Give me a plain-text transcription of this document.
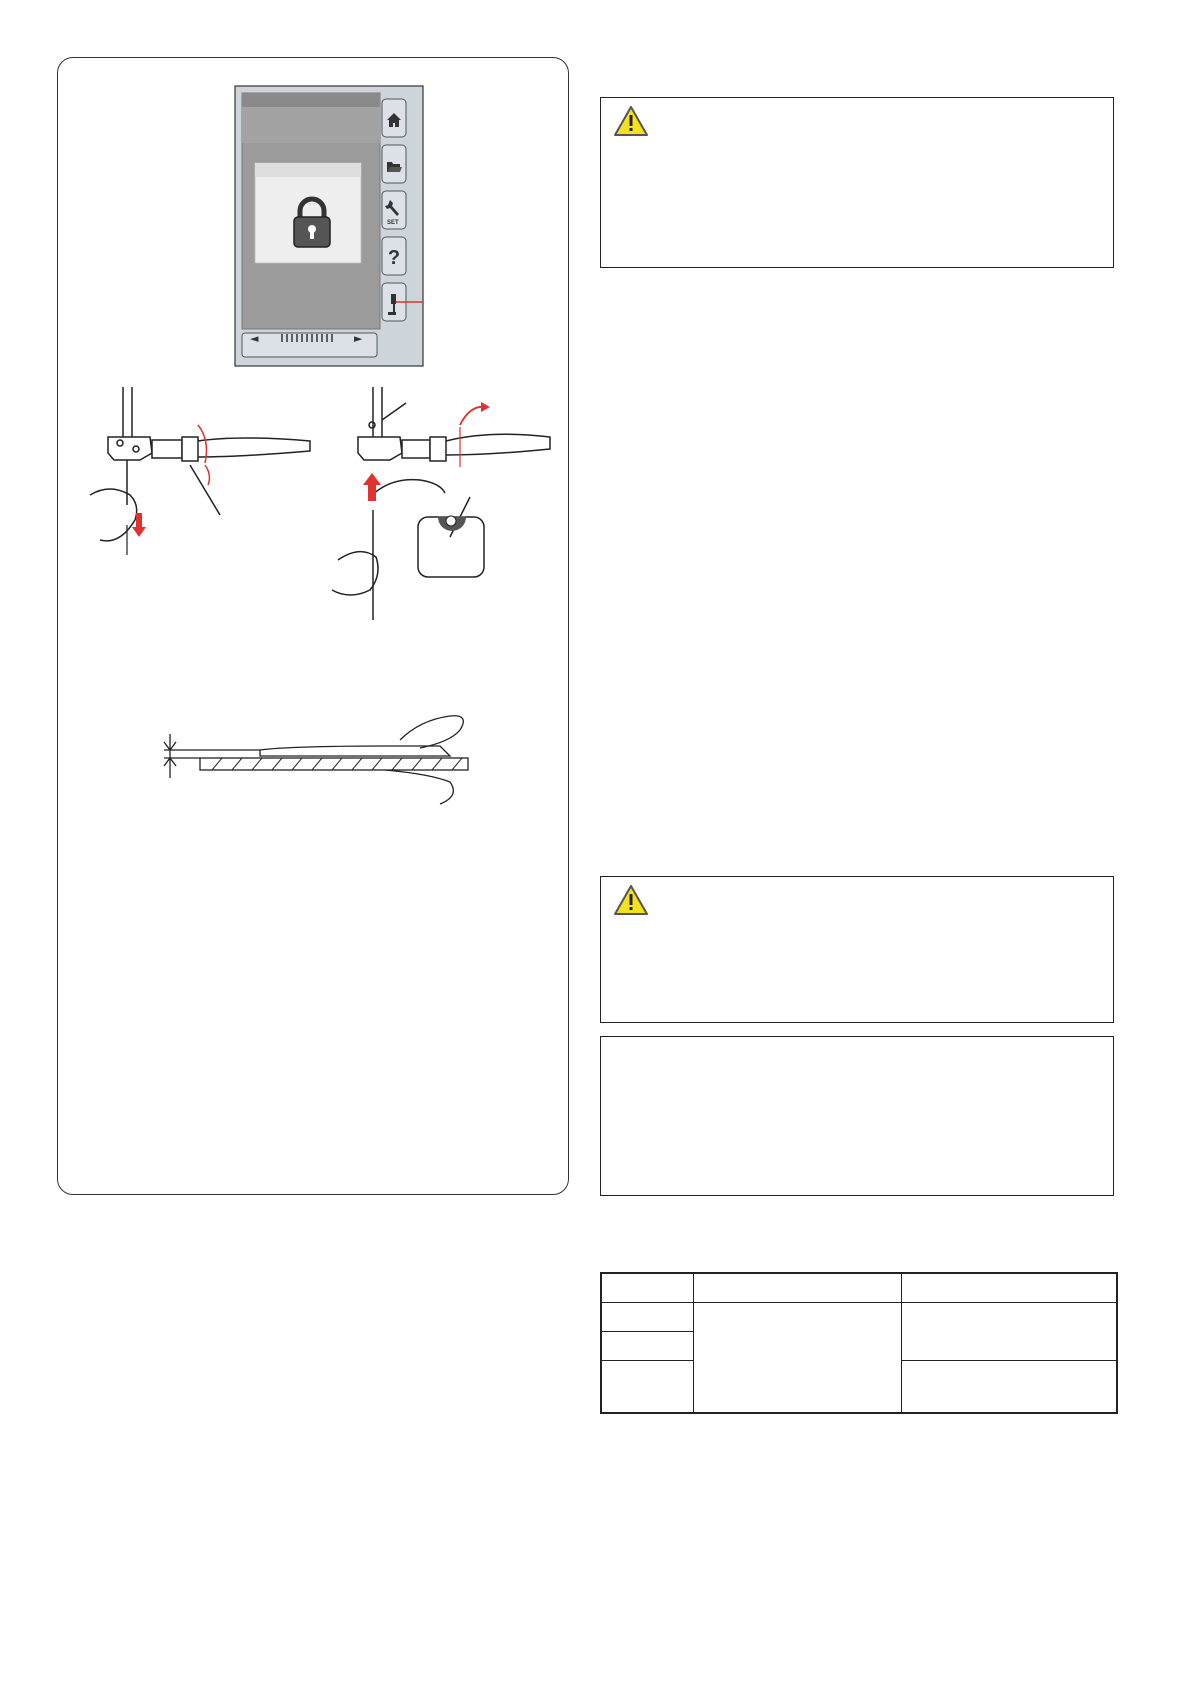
SET
?
◄	►
